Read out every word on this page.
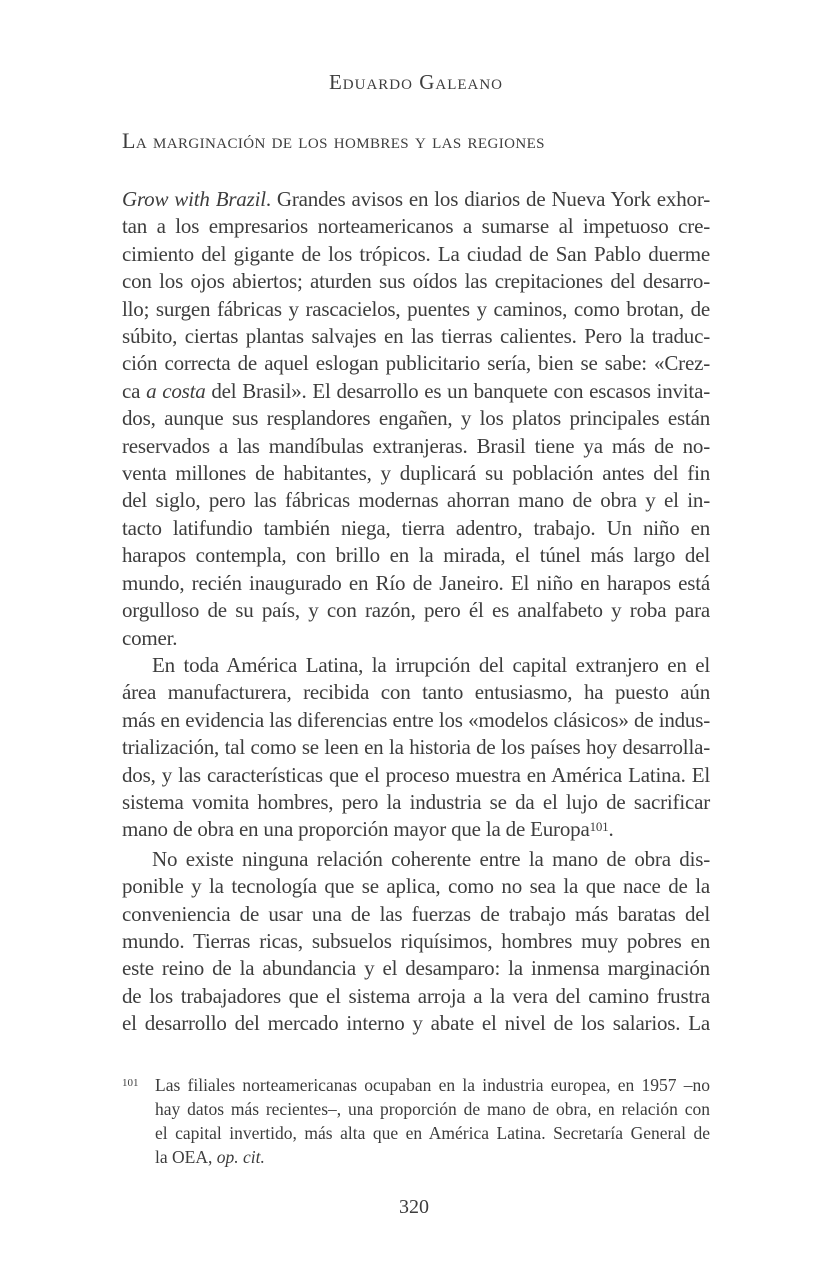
Eduardo Galeano
La marginación de los hombres y las regiones
Grow with Brazil. Grandes avisos en los diarios de Nueva York exhor-
tan a los empresarios norteamericanos a sumarse al impetuoso cre-
cimiento del gigante de los trópicos. La ciudad de San Pablo duerme
con los ojos abiertos; aturden sus oídos las crepitaciones del desarro-
llo; surgen fábricas y rascacielos, puentes y caminos, como brotan, de
súbito, ciertas plantas salvajes en las tierras calientes. Pero la traduc-
ción correcta de aquel eslogan publicitario sería, bien se sabe: «Crez-
ca a costa del Brasil». El desarrollo es un banquete con escasos invita-
dos, aunque sus resplandores engañen, y los platos principales están
reservados a las mandíbulas extranjeras. Brasil tiene ya más de no-
venta millones de habitantes, y duplicará su población antes del fin
del siglo, pero las fábricas modernas ahorran mano de obra y el in-
tacto latifundio también niega, tierra adentro, trabajo. Un niño en
harapos contempla, con brillo en la mirada, el túnel más largo del
mundo, recién inaugurado en Río de Janeiro. El niño en harapos está
orgulloso de su país, y con razón, pero él es analfabeto y roba para
comer.
En toda América Latina, la irrupción del capital extranjero en el
área manufacturera, recibida con tanto entusiasmo, ha puesto aún
más en evidencia las diferencias entre los «modelos clásicos» de indus-
trialización, tal como se leen en la historia de los países hoy desarrolla-
dos, y las características que el proceso muestra en América Latina. El
sistema vomita hombres, pero la industria se da el lujo de sacrificar
mano de obra en una proporción mayor que la de Europa$^{101}$.
No existe ninguna relación coherente entre la mano de obra dis-
ponible y la tecnología que se aplica, como no sea la que nace de la
conveniencia de usar una de las fuerzas de trabajo más baratas del
mundo. Tierras ricas, subsuelos riquísimos, hombres muy pobres en
este reino de la abundancia y el desamparo: la inmensa marginación
de los trabajadores que el sistema arroja a la vera del camino frustra
el desarrollo del mercado interno y abate el nivel de los salarios. La
101 Las filiales norteamericanas ocupaban en la industria europea, en 1957 –no
hay datos más recientes–, una proporción de mano de obra, en relación con
el capital invertido, más alta que en América Latina. Secretaría General de
la OEA, op. cit.
320
